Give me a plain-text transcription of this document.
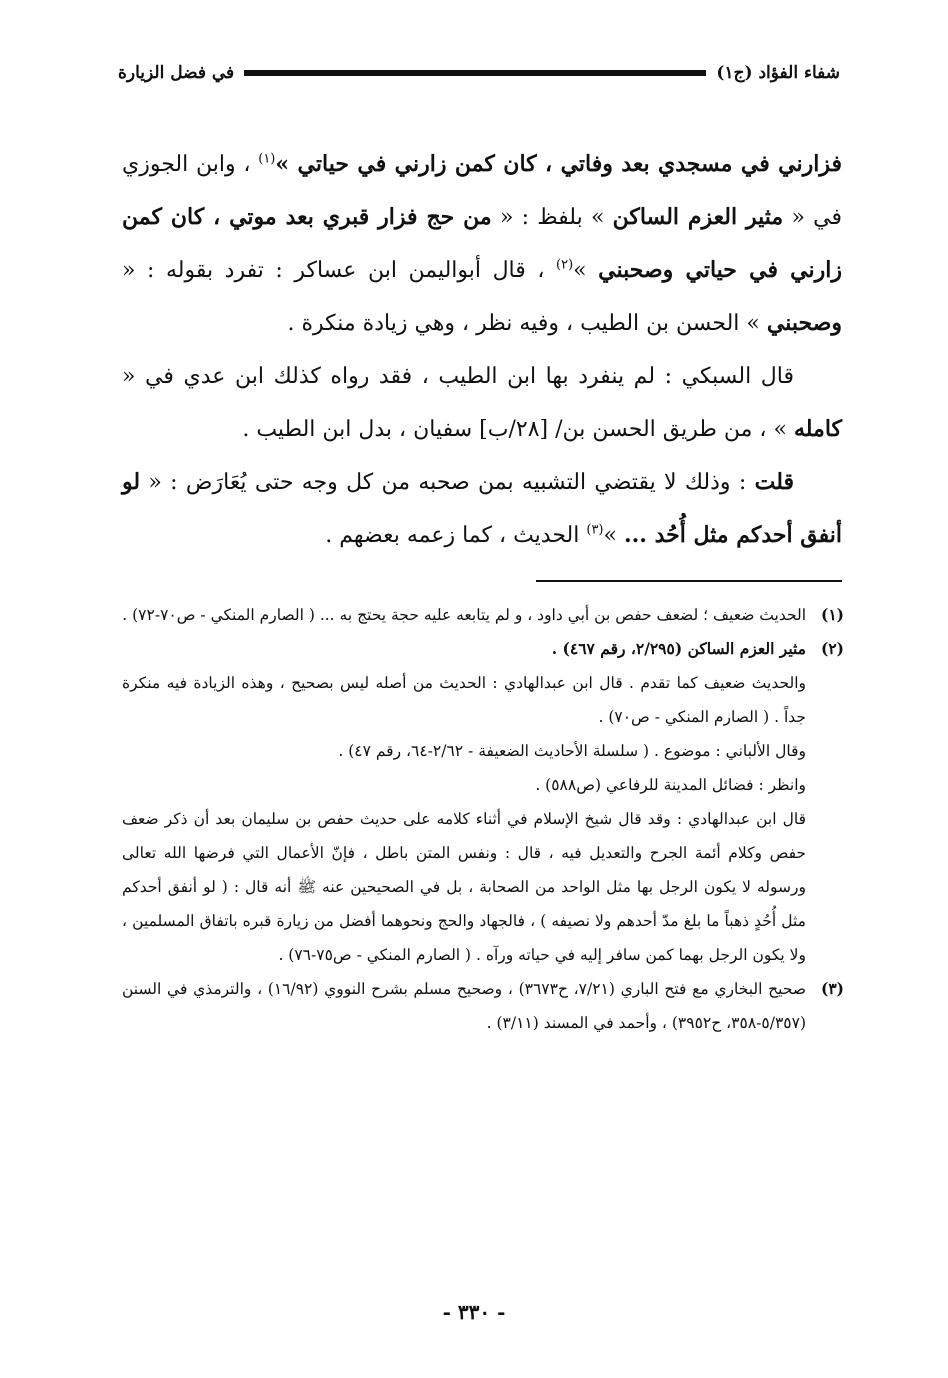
شفاء الفؤاد (ج١)
في فضل الزيارة

فزارني في مسجدي بعد وفاتي ، كان كمن زارني في حياتي »$^{(١)}$ ، وابن الجوزي في « مثير العزم الساكن » بلفظ : « من حج فزار قبري بعد موتي ، كان كمن زارني في حياتي وصحبني »$^{(٢)}$ ، قال أبواليمن ابن عساكر : تفرد بقوله : « وصحبني » الحسن بن الطيب ، وفيه نظر ، وهي زيادة منكرة .

قال السبكي : لم ينفرد بها ابن الطيب ، فقد رواه كذلك ابن عدي في « كامله » ، من طريق الحسن بن/ [٢٨/ب] سفيان ، بدل ابن الطيب .

قلت : وذلك لا يقتضي التشبيه بمن صحبه من كل وجه حتى يُعَارَض : « لو أنفق أحدكم مثل أُحُد ... »$^{(٣)}$ الحديث ، كما زعمه بعضهم .

(١)
الحديث ضعيف ؛ لضعف حفص بن أبي داود ، و لم يتابعه عليه حجة يحتج به ... ( الصارم المنكي - ص٧٠-٧٢) .
(٢)
مثير العزم الساكن (٢/٢٩٥، رقم ٤٦٧) .
والحديث ضعيف كما تقدم . قال ابن عبدالهادي : الحديث من أصله ليس بصحيح ، وهذه الزيادة فيه منكرة جداً . ( الصارم المنكي - ص٧٠) .
وقال الألباني : موضوع . ( سلسلة الأحاديث الضعيفة - ٢/٦٢-٦٤، رقم ٤٧) .
وانظر : فضائل المدينة للرفاعي (ص٥٨٨) .
قال ابن عبدالهادي : وقد قال شيخ الإسلام في أثناء كلامه على حديث حفص بن سليمان بعد أن ذكر ضعف حفص وكلام أئمة الجرح والتعديل فيه ، قال : ونفس المتن باطل ، فإنّ الأعمال التي فرضها الله تعالى ورسوله لا يكون الرجل بها مثل الواحد من الصحابة ، بل في الصحيحين عنه ﷺ أنه قال : ( لو أنفق أحدكم مثل أُحُدٍ ذهباً ما بلغ مدّ أحدهم ولا نصيفه ) ، فالجهاد والحج ونحوهما أفضل من زيارة قبره باتفاق المسلمين ، ولا يكون الرجل بهما كمن سافر إليه في حياته ورآه . ( الصارم المنكي - ص٧٥-٧٦) .
(٣)
صحيح البخاري مع فتح الباري (٧/٢١، ح٣٦٧٣) ، وصحيح مسلم بشرح النووي (١٦/٩٢) ، والترمذي في السنن (٥/٣٥٧-٣٥٨، ح٣٩٥٢) ، وأحمد في المسند (٣/١١) .
- ٣٣٠ -
